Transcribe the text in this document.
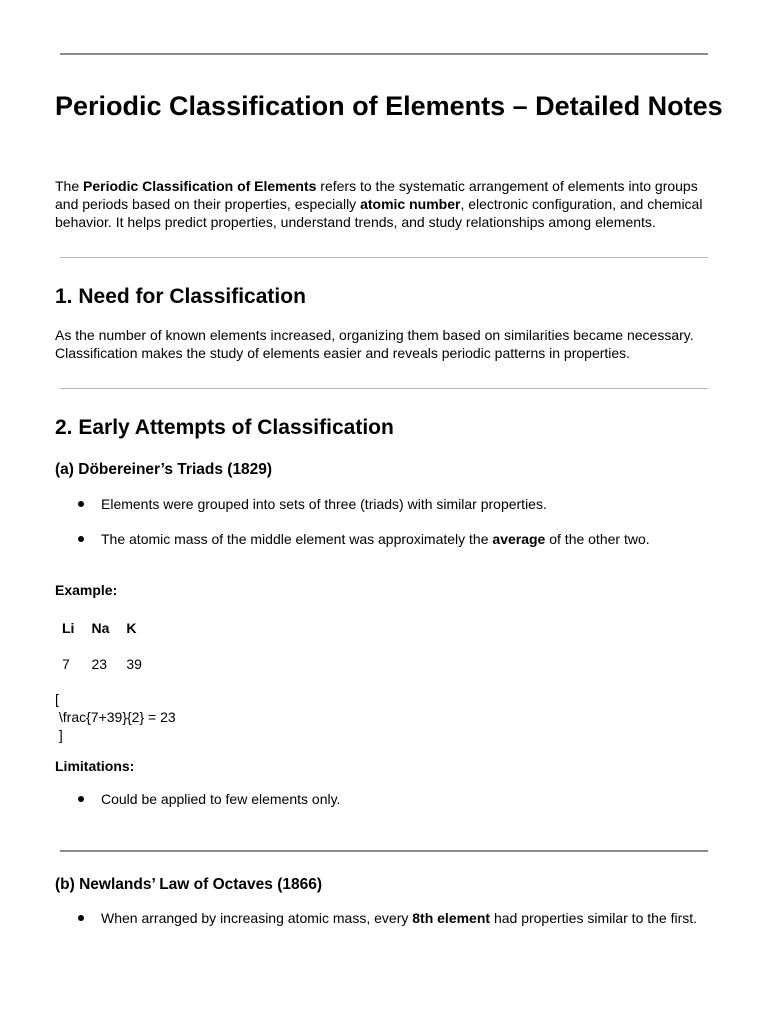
Periodic Classification of Elements – Detailed Notes

The Periodic Classification of Elements refers to the systematic arrangement of elements into groups and periods based on their properties, especially atomic number, electronic configuration, and chemical behavior. It helps predict properties, understand trends, and study relationships among elements.

1. Need for Classification

As the number of known elements increased, organizing them based on similarities became necessary. Classification makes the study of elements easier and reveals periodic patterns in properties.

2. Early Attempts of Classification
(a) Döbereiner’s Triads (1829)
Elements were grouped into sets of three (triads) with similar properties.
The atomic mass of the middle element was approximately the average of the other two.
Example:
Li	Na	K
7	23	39
[
\frac{7+39}{2} = 23
]
Limitations:
Could be applied to few elements only.
(b) Newlands’ Law of Octaves (1866)
When arranged by increasing atomic mass, every 8th element had properties similar to the first.
